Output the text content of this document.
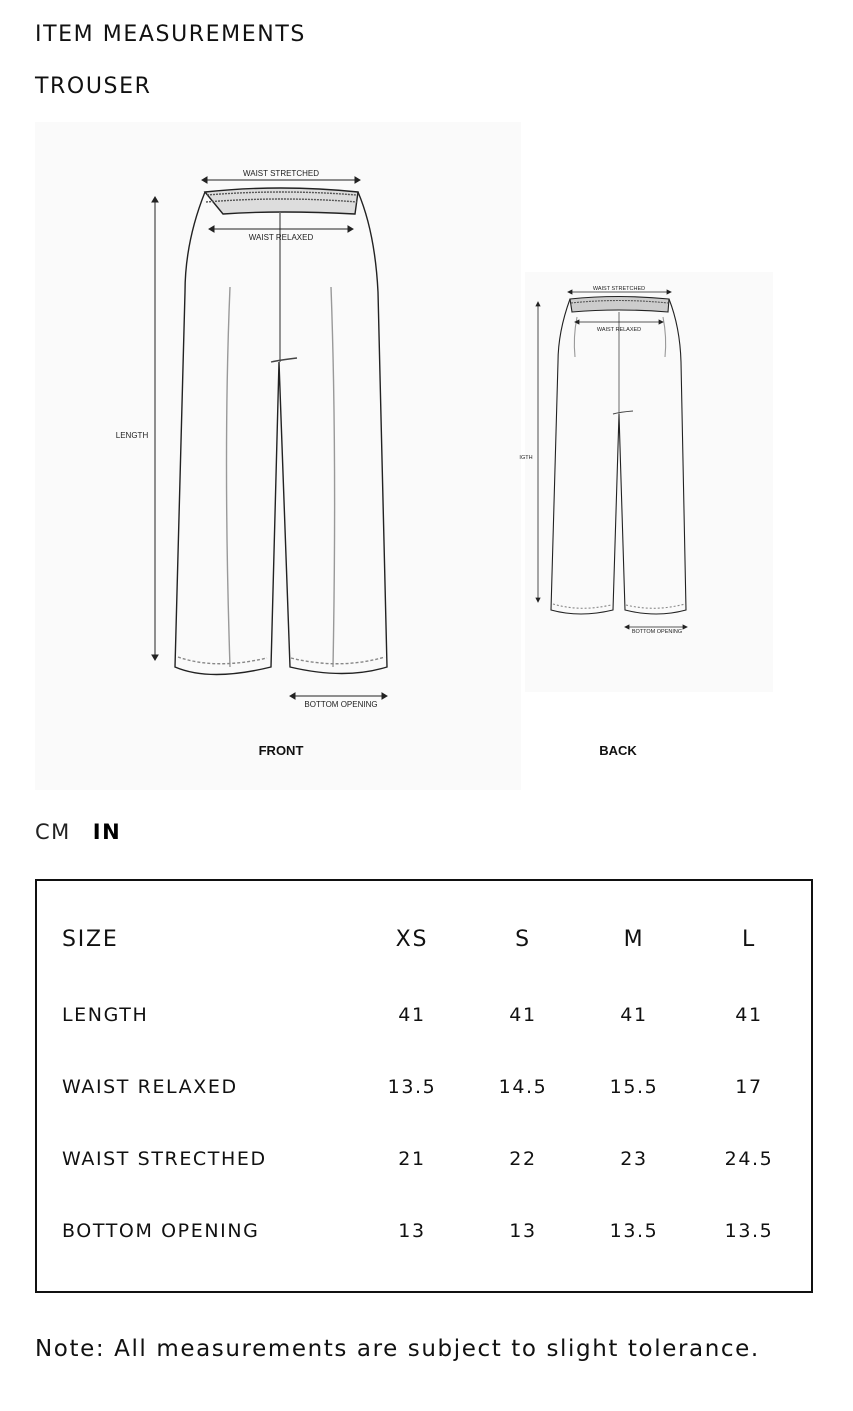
ITEM MEASUREMENTS
TROUSER
WAIST STRETCHED
WAIST RELAXED
LENGTH
BOTTOM OPENING
FRONT
WAIST STRETCHED
WAIST RELAXED
IGTH
BOTTOM OPENING
BACK
CM IN
SIZE	XS	S	M	L
LENGTH	41	41	41	41
WAIST RELAXED	13.5	14.5	15.5	17
WAIST STRECTHED	21	22	23	24.5
BOTTOM OPENING	13	13	13.5	13.5
Note: All measurements are subject to slight tolerance.
